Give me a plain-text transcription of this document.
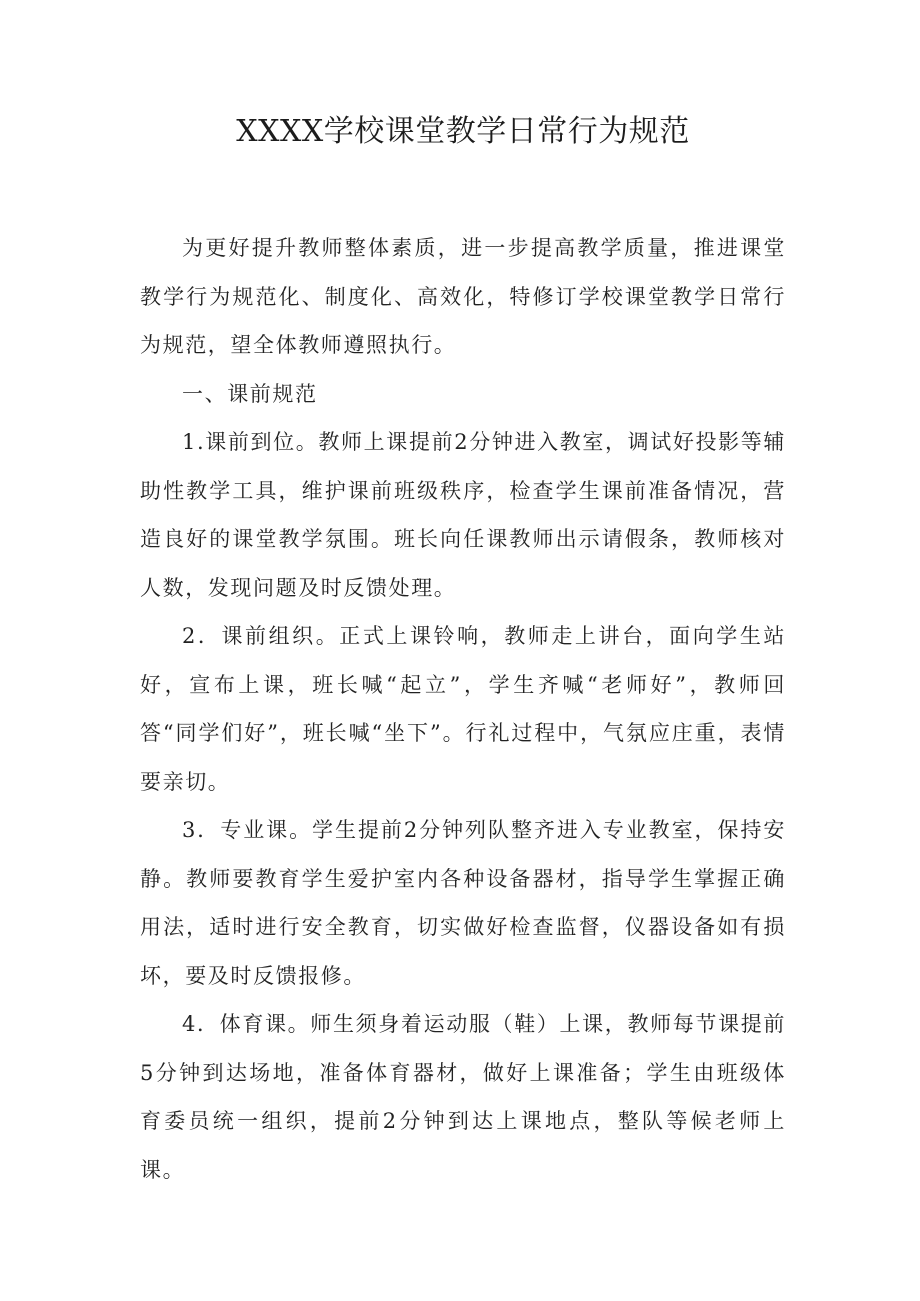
XXXX学校课堂教学日常行为规范

为更好提升教师整体素质，进一步提高教学质量，推进课堂教学行为规范化、制度化、高效化，特修订学校课堂教学日常行为规范，望全体教师遵照执行。

一、课前规范

1.课前到位。教师上课提前2分钟进入教室，调试好投影等辅助性教学工具，维护课前班级秩序，检查学生课前准备情况，营造良好的课堂教学氛围。班长向任课教师出示请假条，教师核对人数，发现问题及时反馈处理。

2．课前组织。正式上课铃响，教师走上讲台，面向学生站好，宣布上课，班长喊“起立”，学生齐喊“老师好”，教师回答“同学们好”，班长喊“坐下”。行礼过程中，气氛应庄重，表情要亲切。

3．专业课。学生提前2分钟列队整齐进入专业教室，保持安静。教师要教育学生爱护室内各种设备器材，指导学生掌握正确用法，适时进行安全教育，切实做好检查监督，仪器设备如有损坏，要及时反馈报修。

4．体育课。师生须身着运动服（鞋）上课，教师每节课提前5分钟到达场地，准备体育器材，做好上课准备；学生由班级体育委员统一组织，提前2分钟到达上课地点，整队等候老师上课。
